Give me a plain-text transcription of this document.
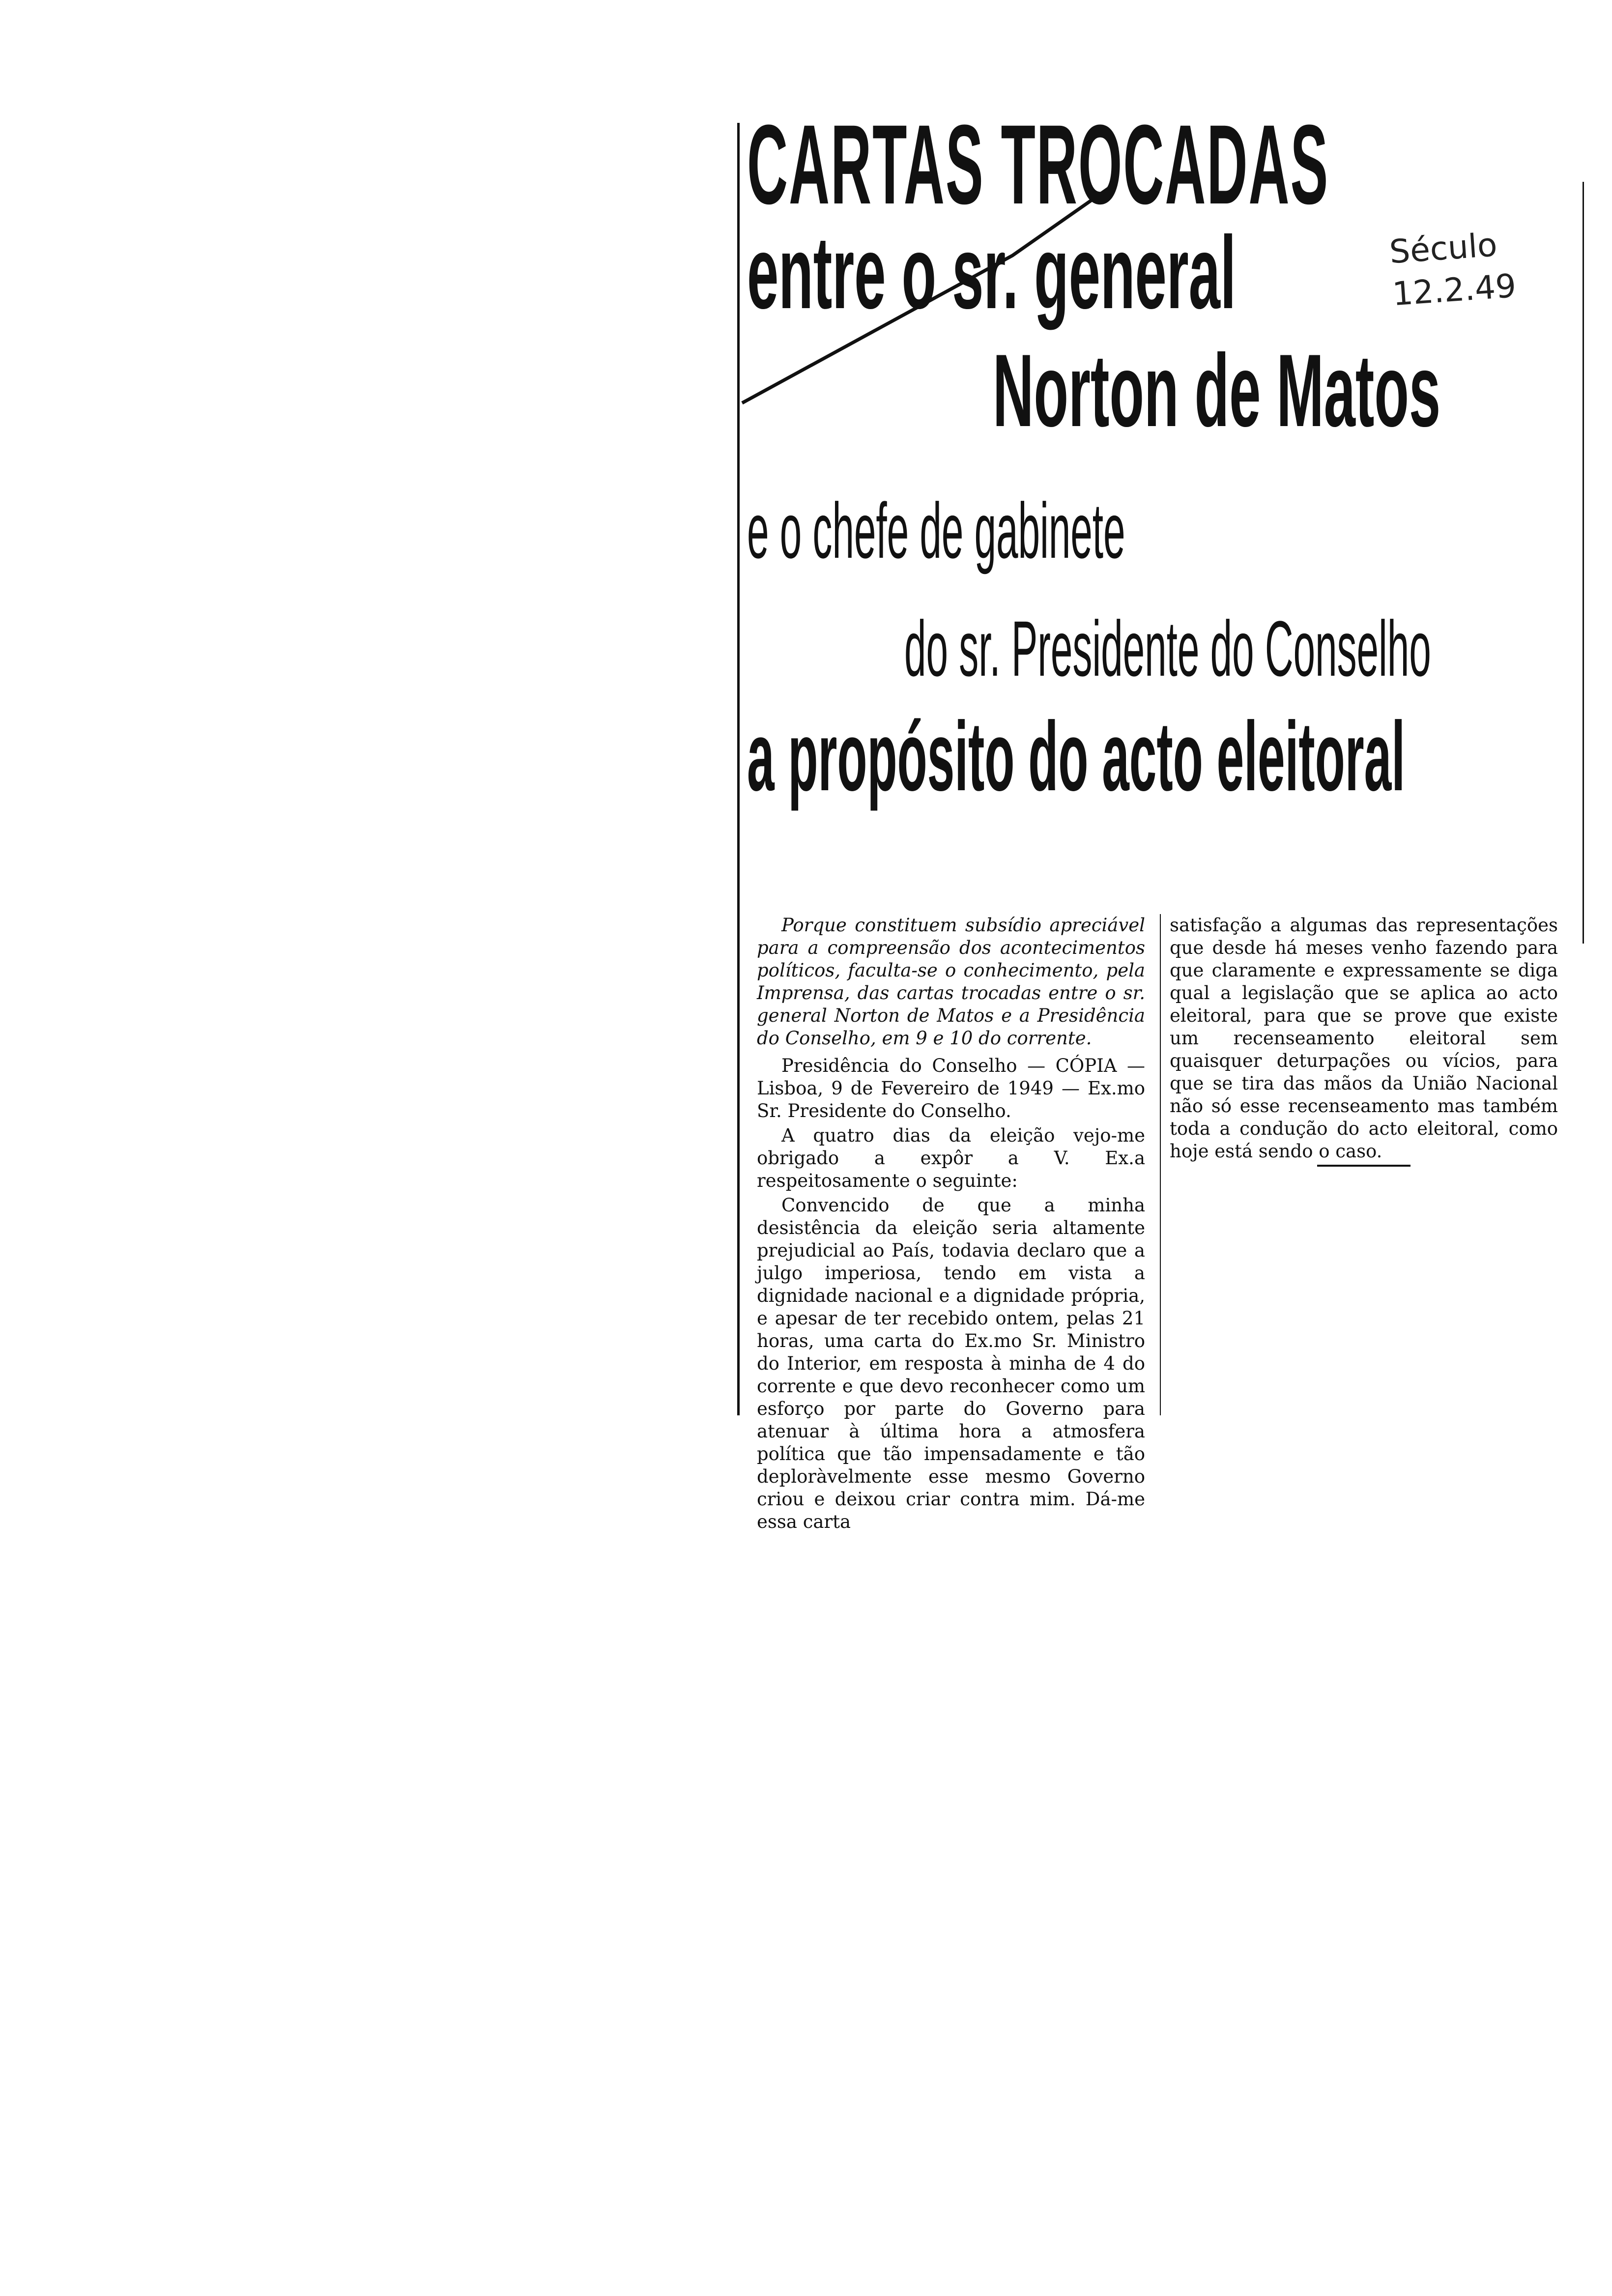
CARTAS TROCADAS
entre o sr. general
Norton de Matos
e o chefe de gabinete
do sr. Presidente do Conselho
a propósito do acto eleitoral
Século
12.2.49

Porque constituem subsídio apreciável para a compreensão dos acontecimentos políticos, faculta-se o conhecimento, pela Imprensa, das cartas trocadas entre o sr. general Norton de Matos e a Presidência do Conselho, em 9 e 10 do corrente.

Presidência do Conselho — CÓPIA — Lisboa, 9 de Fevereiro de 1949 — Ex.mo Sr. Presidente do Conselho.

A quatro dias da eleição vejo-me obrigado a expôr a V. Ex.a respeitosamente o seguinte:

Convencido de que a minha desistência da eleição seria altamente prejudicial ao País, todavia declaro que a julgo imperiosa, tendo em vista a dignidade nacional e a dignidade própria, e apesar de ter recebido ontem, pelas 21 horas, uma carta do Ex.mo Sr. Ministro do Interior, em resposta à minha de 4 do corrente e que devo reconhecer como um esforço por parte do Governo para atenuar à última hora a atmosfera política que tão impensadamente e tão deploràvelmente esse mesmo Governo criou e deixou criar contra mim. Dá-me essa carta

satisfação a algumas das representações que desde há meses venho fazendo para que claramente e expressamente se diga qual a legislação que se aplica ao acto eleitoral, para que se prove que existe um recenseamento eleitoral sem quaisquer deturpações ou vícios, para que se tira das mãos da União Nacional não só esse recenseamento mas também toda a condução do acto eleitoral, como hoje está sendo o caso.
